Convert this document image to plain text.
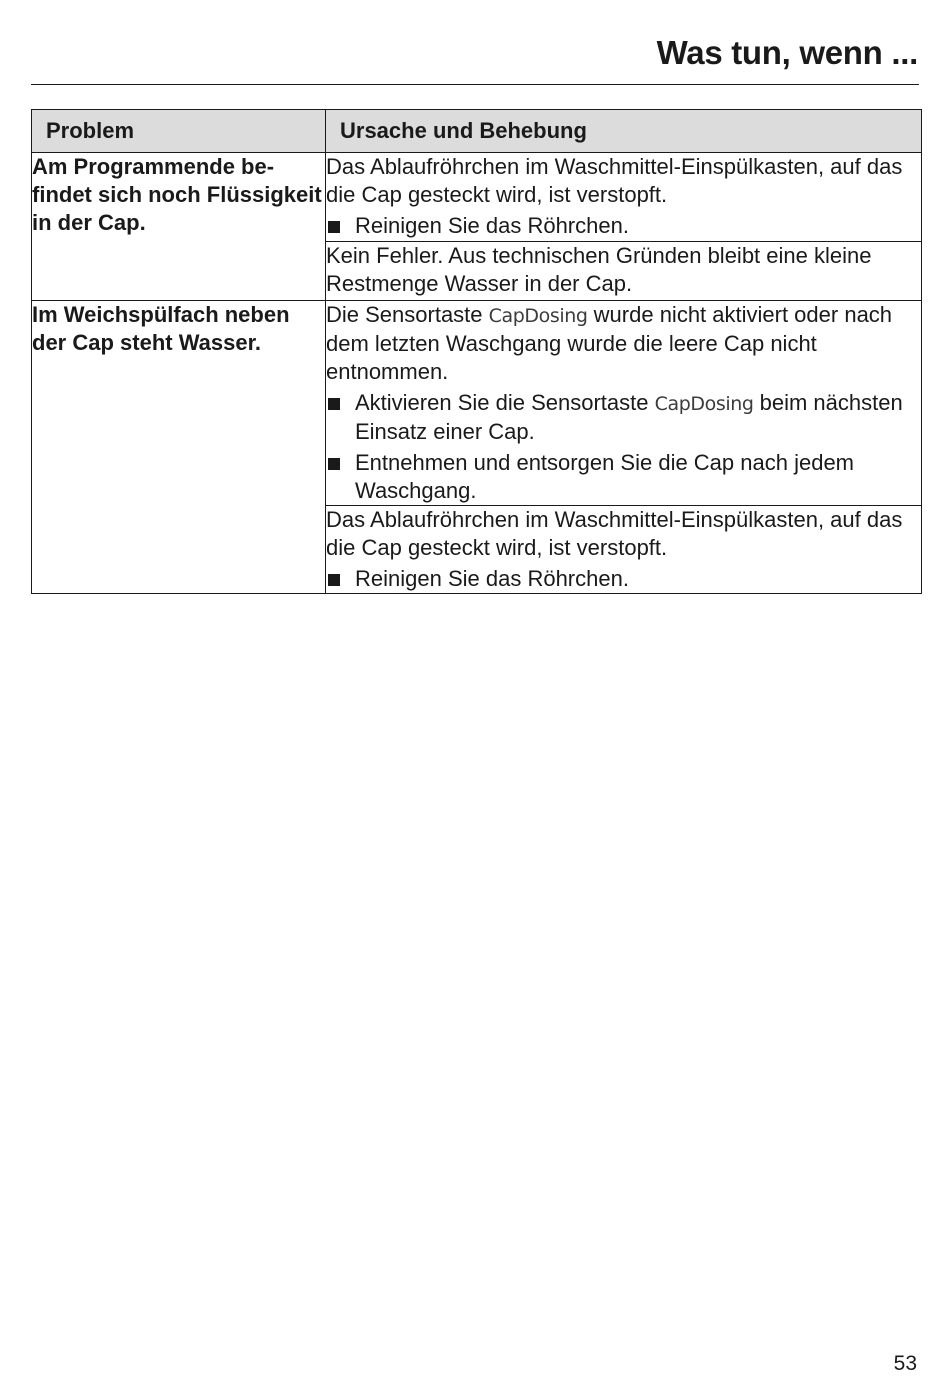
Was tun, wenn ...
Problem	Ursache und Behebung
Am Programmende befindet sich noch Flüssigkeit in der Cap.	Das Ablaufröhrchen im Waschmittel-Einspülkasten, auf das die Cap gesteckt wird, ist verstopft.
Reinigen Sie das Röhrchen.

	Kein Fehler. Aus technischen Gründen bleibt eine kleine Restmenge Wasser in der Cap.
Im Weichspülfach neben der Cap steht Wasser.	Die Sensortaste CapDosing wurde nicht aktiviert oder nach dem letzten Waschgang wurde die leere Cap nicht entnommen.
Aktivieren Sie die Sensortaste CapDosing beim nächsten Einsatz einer Cap.
Entnehmen und entsorgen Sie die Cap nach jedem Waschgang.

	Das Ablaufröhrchen im Waschmittel-Einspülkasten, auf das die Cap gesteckt wird, ist verstopft.
Reinigen Sie das Röhrchen.
53
